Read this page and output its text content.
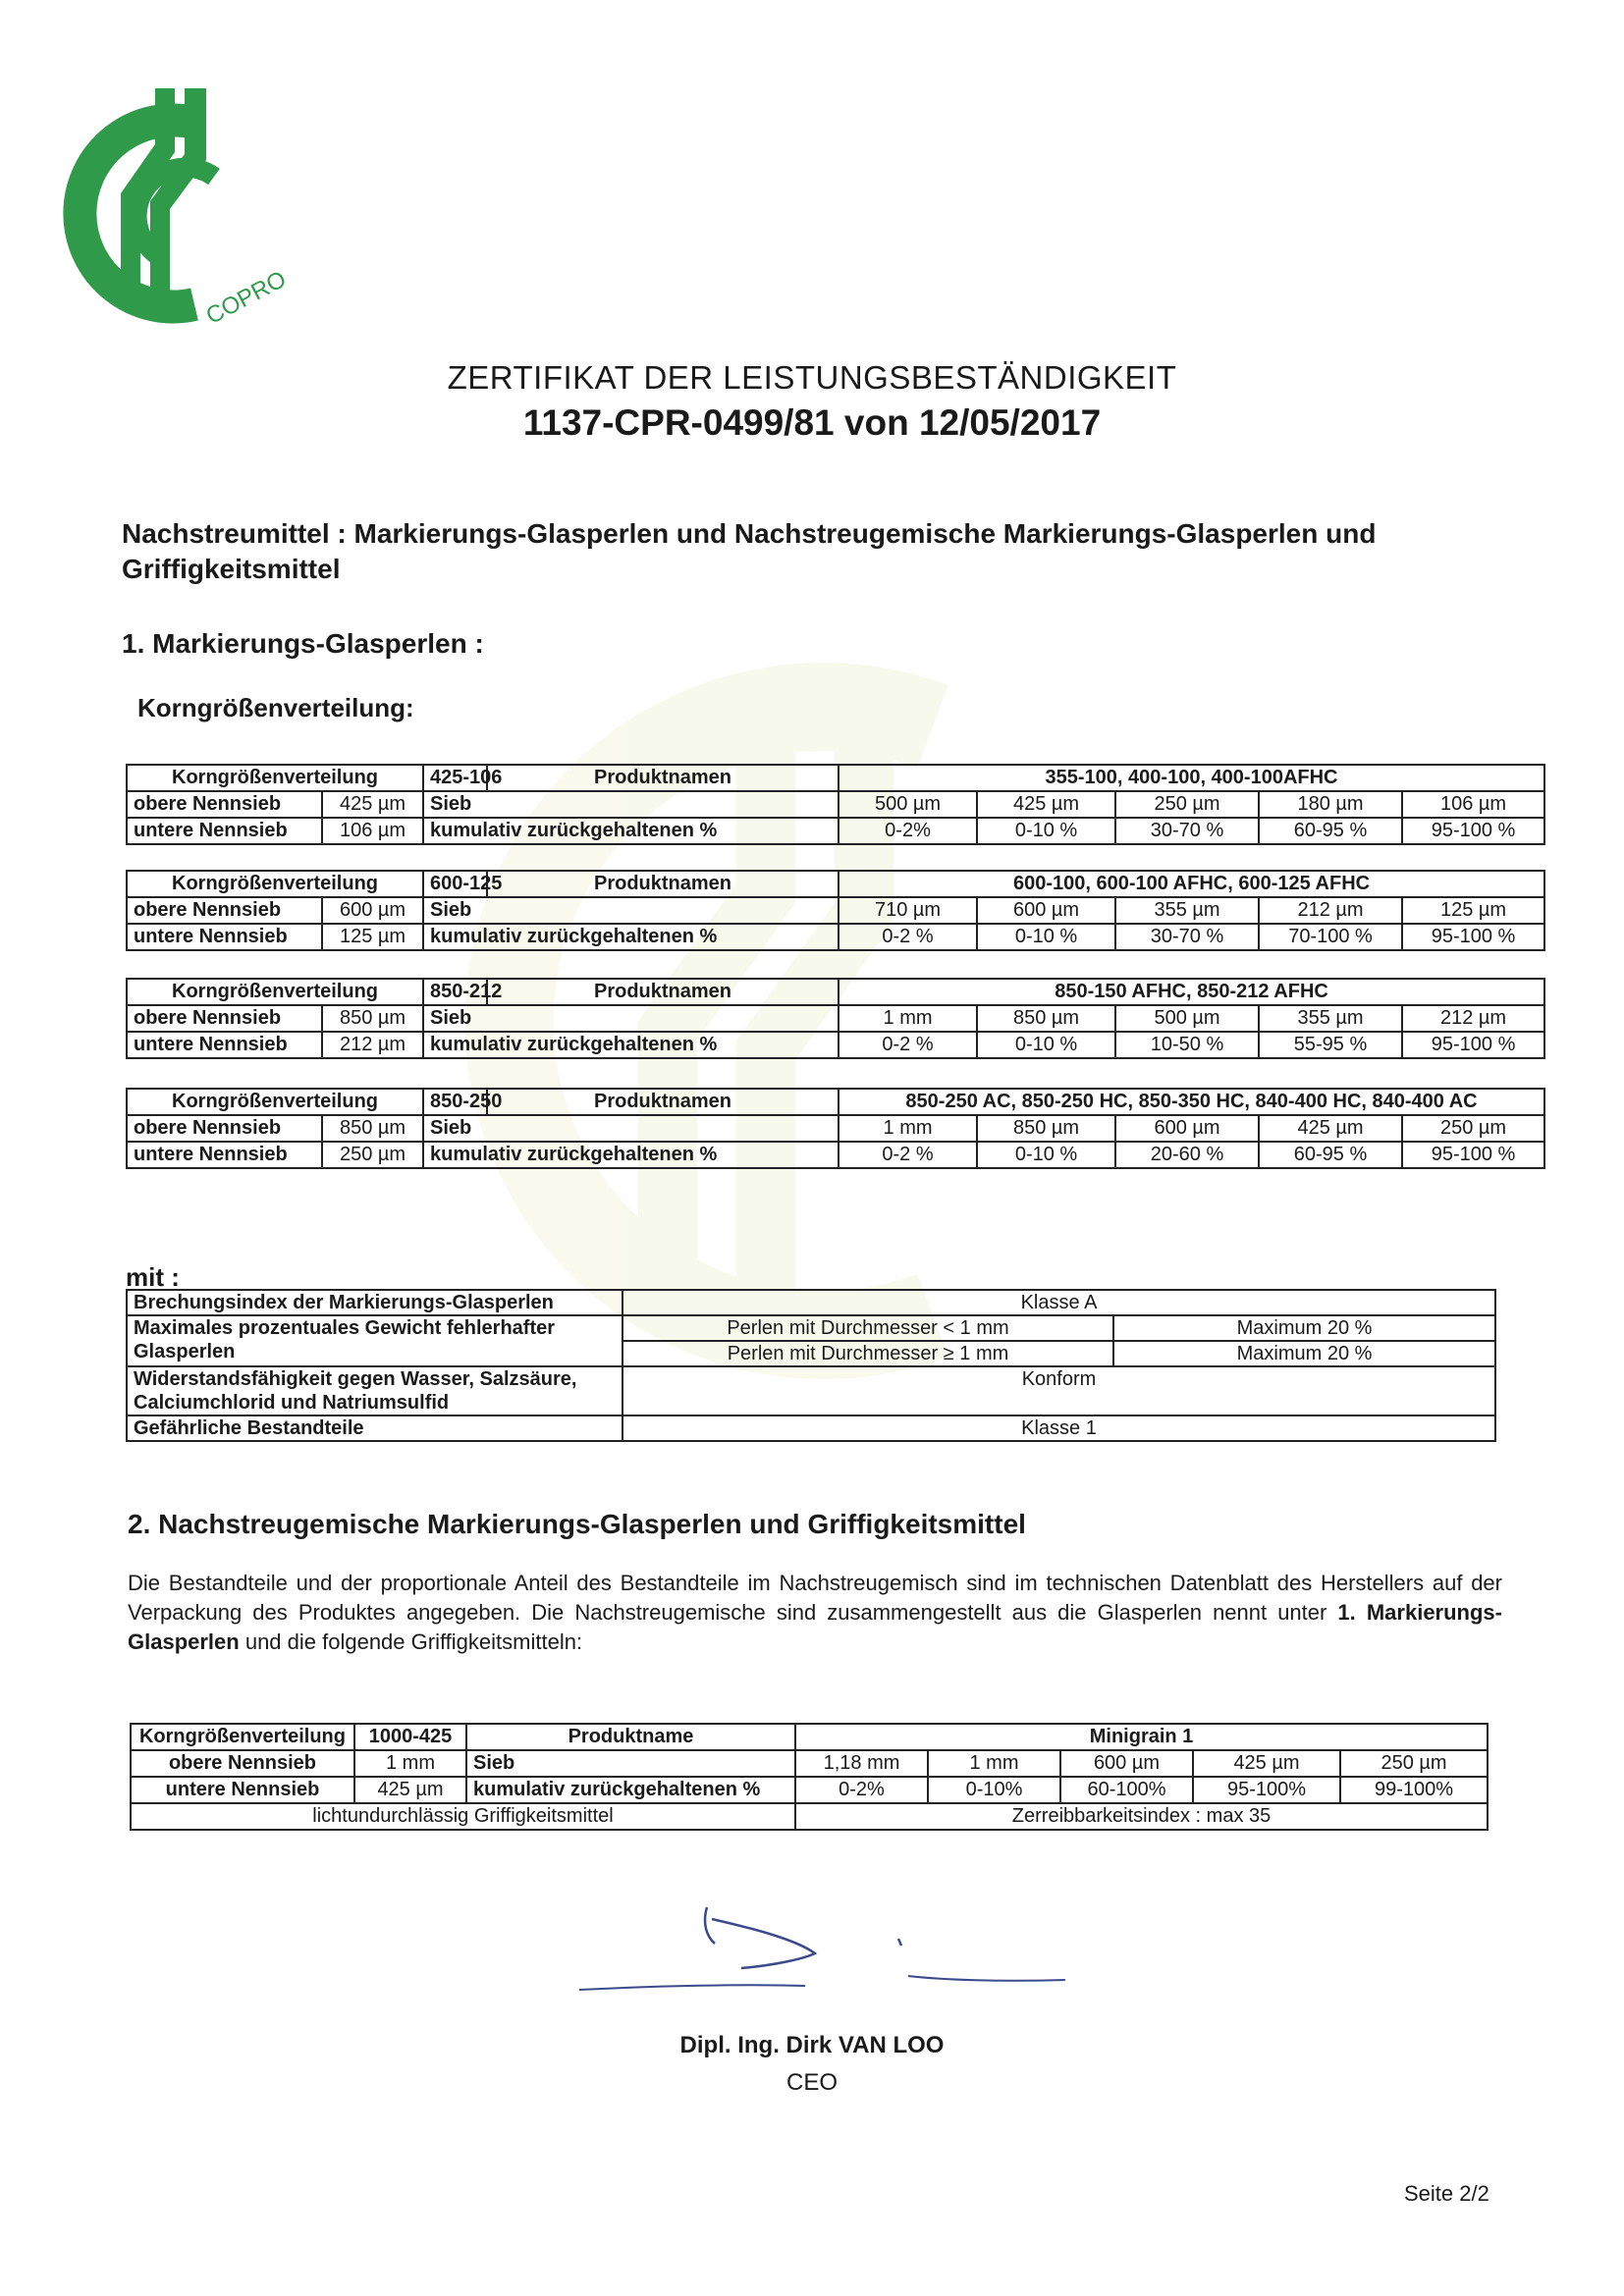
COPRO
ZERTIFIKAT DER LEISTUNGSBESTÄNDIGKEIT
1137-CPR-0499/81 von 12/05/2017
Nachstreumittel : Markierungs-Glasperlen und Nachstreugemische Markierungs-Glasperlen und Griffigkeitsmittel
1. Markierungs-Glasperlen :
Korngrößenverteilung:
Korngrößenverteilung		425-106	Produktnamen	355-100, 400-100, 400-100AFHC				
obere Nennsieb	425 µm	Sieb		500 µm	425 µm	250 µm	180 µm	106 µm
untere Nennsieb	106 µm	kumulativ zurückgehaltenen %		0-2%	0-10 %	30-70 %	60-95 %	95-100 %
Korngrößenverteilung		600-125	Produktnamen	600-100, 600-100 AFHC, 600-125 AFHC				
obere Nennsieb	600 µm	Sieb		710 µm	600 µm	355 µm	212 µm	125 µm
untere Nennsieb	125 µm	kumulativ zurückgehaltenen %		0-2 %	0-10 %	30-70 %	70-100 %	95-100 %
Korngrößenverteilung		850-212	Produktnamen	850-150 AFHC, 850-212 AFHC				
obere Nennsieb	850 µm	Sieb		1 mm	850 µm	500 µm	355 µm	212 µm
untere Nennsieb	212 µm	kumulativ zurückgehaltenen %		0-2 %	0-10 %	10-50 %	55-95 %	95-100 %
Korngrößenverteilung		850-250	Produktnamen	850-250 AC, 850-250 HC, 850-350 HC, 840-400 HC, 840-400 AC				
obere Nennsieb	850 µm	Sieb		1 mm	850 µm	600 µm	425 µm	250 µm
untere Nennsieb	250 µm	kumulativ zurückgehaltenen %		0-2 %	0-10 %	20-60 %	60-95 %	95-100 %
mit :
Brechungsindex der Markierungs-Glasperlen	Klasse A	
Maximales prozentuales Gewicht fehlerhafter Glasperlen	Perlen mit Durchmesser < 1 mm	Maximum 20 %
	Perlen mit Durchmesser ≥ 1 mm	Maximum 20 %
Widerstandsfähigkeit gegen Wasser, Salzsäure, Calciumchlorid und Natriumsulfid	Konform	
Gefährliche Bestandteile	Klasse 1	
2. Nachstreugemische Markierungs-Glasperlen und Griffigkeitsmittel
Die Bestandteile und der proportionale Anteil des Bestandteile im Nachstreugemisch sind im technischen Datenblatt des Herstellers auf der Verpackung des Produktes angegeben. Die Nachstreugemische sind zusammengestellt aus die Glasperlen nennt unter 1. Markierungs-Glasperlen und die folgende Griffigkeitsmitteln:
Korngrößenverteilung	1000-425	Produktname	Minigrain 1				
obere Nennsieb	1 mm	Sieb	1,18 mm	1 mm	600 µm	425 µm	250 µm
untere Nennsieb	425 µm	kumulativ zurückgehaltenen %	0-2%	0-10%	60-100%	95-100%	99-100%
lichtundurchlässig Griffigkeitsmittel			Zerreibbarkeitsindex : max 35				
Dipl. Ing. Dirk VAN LOO
CEO
Seite 2/2
